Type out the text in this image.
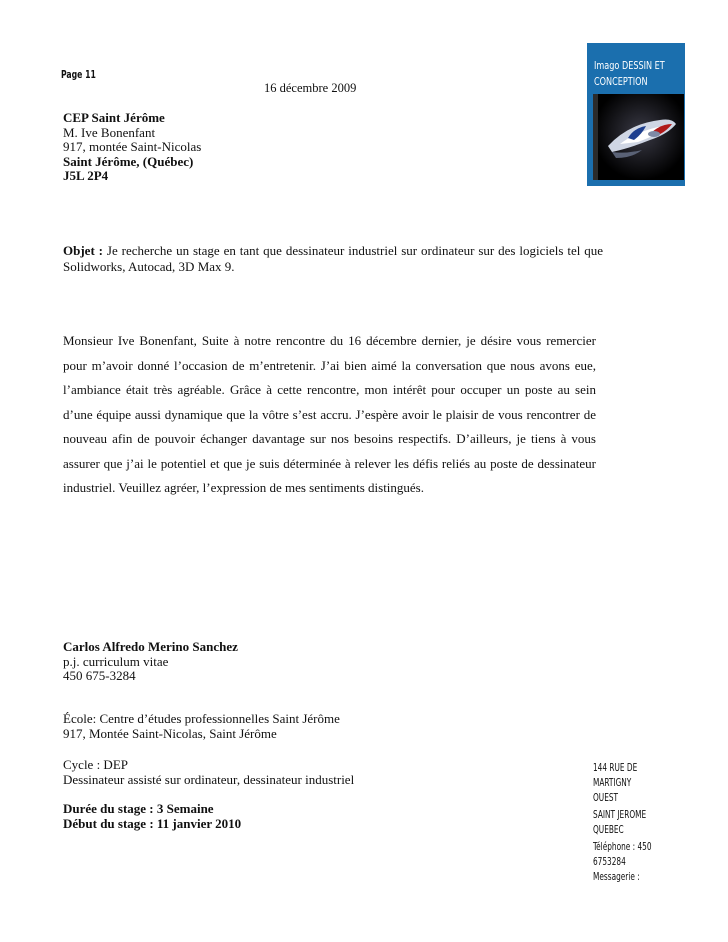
Page 11
16 décembre 2009
Imago DESSIN ET
CONCEPTION
CEP Saint Jérôme
M. Ive Bonenfant
917, montée Saint-Nicolas
Saint Jérôme, (Québec)
J5L 2P4
Objet : Je recherche un stage en tant que dessinateur industriel sur ordinateur sur des logiciels tel que Solidworks, Autocad, 3D Max 9.
Monsieur Ive Bonenfant, Suite à notre rencontre du 16 décembre dernier, je désire vous remercier pour m’avoir donné l’occasion de m’entretenir. J’ai bien aimé la conversation que nous avons eue, l’ambiance était très agréable. Grâce à cette rencontre, mon intérêt pour occuper un poste au sein d’une équipe aussi dynamique que la vôtre s’est accru. J’espère avoir le plaisir de vous rencontrer de nouveau afin de pouvoir échanger davantage sur nos besoins respectifs. D’ailleurs, je tiens à vous assurer que j’ai le potentiel et que je suis déterminée à relever les défis reliés au poste de dessinateur industriel. Veuillez agréer, l’expression de mes sentiments distingués.
Carlos Alfredo Merino Sanchez
p.j. curriculum vitae
450 675-3284
École: Centre d’études professionnelles Saint Jérôme
917, Montée Saint-Nicolas, Saint Jérôme
Cycle : DEP
Dessinateur assisté sur ordinateur, dessinateur industriel
Durée du stage : 3 Semaine
Début du stage : 11 janvier 2010
144 RUE DE MARTIGNY
OUEST
SAINT JEROME
QUEBEC
Téléphone : 450
6753284
Messagerie :
